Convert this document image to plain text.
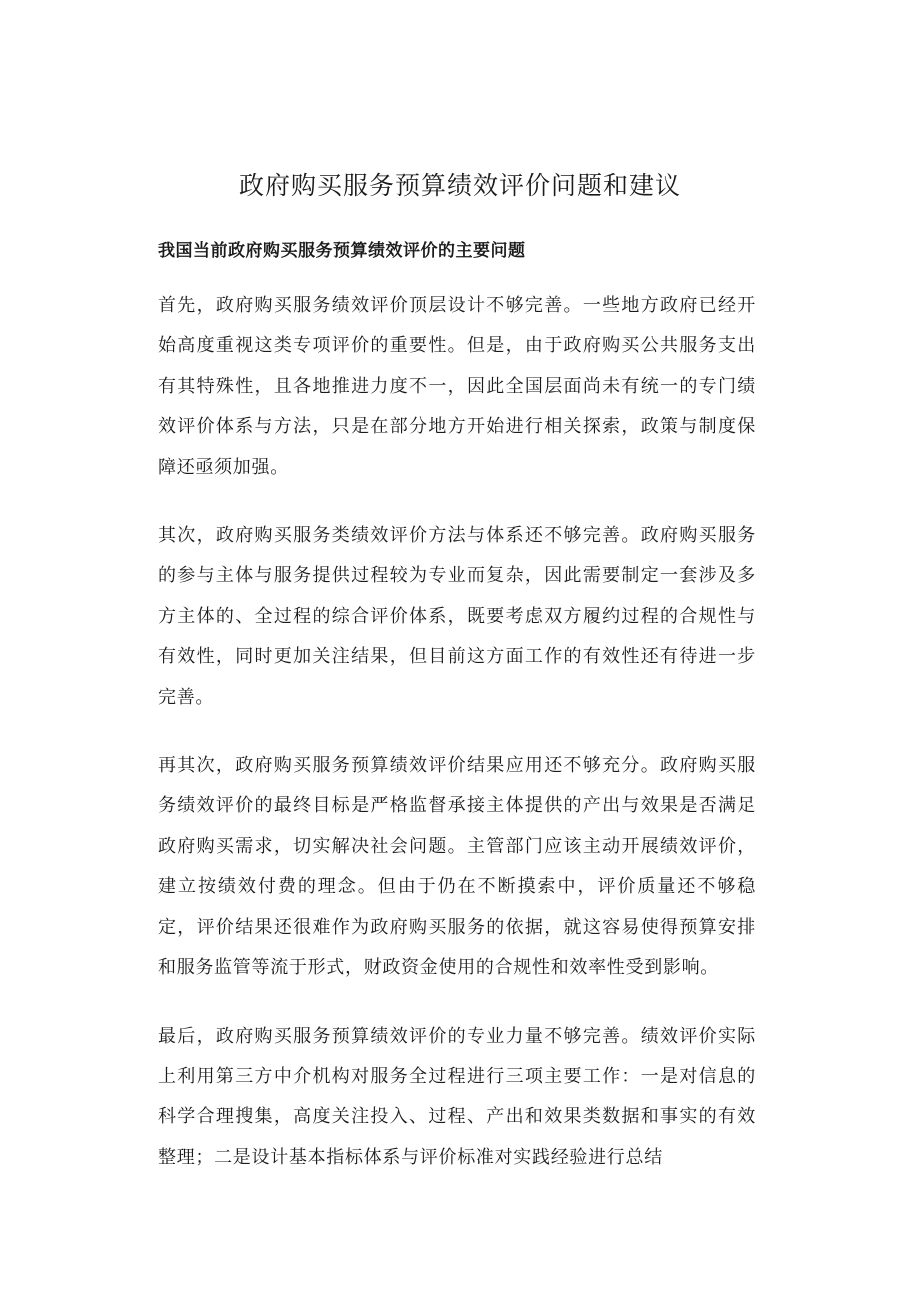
政府购买服务预算绩效评价问题和建议
我国当前政府购买服务预算绩效评价的主要问题

首先，政府购买服务绩效评价顶层设计不够完善。一些地方政府已经开始高度重视这类专项评价的重要性。但是，由于政府购买公共服务支出有其特殊性，且各地推进力度不一，因此全国层面尚未有统一的专门绩效评价体系与方法，只是在部分地方开始进行相关探索，政策与制度保障还亟须加强。

其次，政府购买服务类绩效评价方法与体系还不够完善。政府购买服务的参与主体与服务提供过程较为专业而复杂，因此需要制定一套涉及多方主体的、全过程的综合评价体系，既要考虑双方履约过程的合规性与有效性，同时更加关注结果，但目前这方面工作的有效性还有待进一步完善。

再其次，政府购买服务预算绩效评价结果应用还不够充分。政府购买服务绩效评价的最终目标是严格监督承接主体提供的产出与效果是否满足政府购买需求，切实解决社会问题。主管部门应该主动开展绩效评价，建立按绩效付费的理念。但由于仍在不断摸索中，评价质量还不够稳定，评价结果还很难作为政府购买服务的依据，就这容易使得预算安排和服务监管等流于形式，财政资金使用的合规性和效率性受到影响。

最后，政府购买服务预算绩效评价的专业力量不够完善。绩效评价实际上利用第三方中介机构对服务全过程进行三项主要工作：一是对信息的科学合理搜集，高度关注投入、过程、产出和效果类数据和事实的有效整理；二是设计基本指标体系与评价标准对实践经验进行总结
